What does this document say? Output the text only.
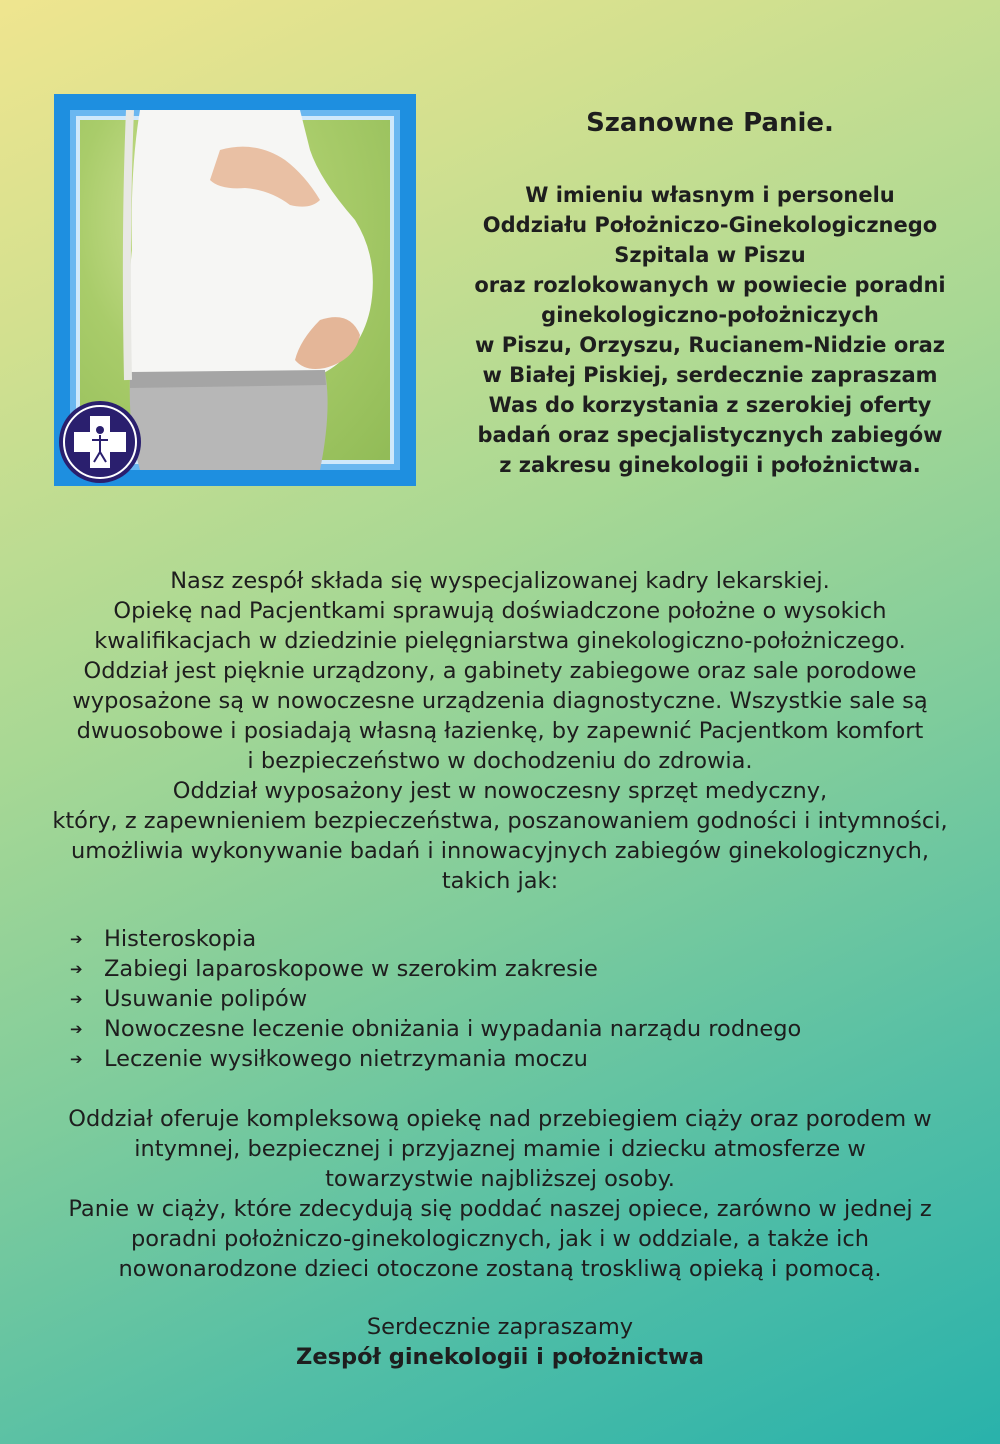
Szanowne Panie.
W imieniu własnym i personelu
Oddziału Położniczo-Ginekologicznego
Szpitala w Piszu
oraz rozlokowanych w powiecie poradni
ginekologiczno-położniczych
w Piszu, Orzyszu, Rucianem-Nidzie oraz
w Białej Piskiej, serdecznie zapraszam
Was do korzystania z szerokiej oferty
badań oraz specjalistycznych zabiegów
z zakresu ginekologii i położnictwa.
Nasz zespół składa się wyspecjalizowanej kadry lekarskiej.
Opiekę nad Pacjentkami sprawują doświadczone położne o wysokich
kwalifikacjach w dziedzinie pielęgniarstwa ginekologiczno-położniczego.
Oddział jest pięknie urządzony, a gabinety zabiegowe oraz sale porodowe
wyposażone są w nowoczesne urządzenia diagnostyczne. Wszystkie sale są
dwuosobowe i posiadają własną łazienkę, by zapewnić Pacjentkom komfort
i bezpieczeństwo w dochodzeniu do zdrowia.
Oddział wyposażony jest w nowoczesny sprzęt medyczny,
który, z zapewnieniem bezpieczeństwa, poszanowaniem godności i intymności,
umożliwia wykonywanie badań i innowacyjnych zabiegów ginekologicznych,
takich jak:
➔ Histeroskopia
➔ Zabiegi laparoskopowe w szerokim zakresie
➔ Usuwanie polipów
➔ Nowoczesne leczenie obniżania i wypadania narządu rodnego
➔ Leczenie wysiłkowego nietrzymania moczu
Oddział oferuje kompleksową opiekę nad przebiegiem ciąży oraz porodem w
intymnej, bezpiecznej i przyjaznej mamie i dziecku atmosferze w
towarzystwie najbliższej osoby.
Panie w ciąży, które zdecydują się poddać naszej opiece, zarówno w jednej z
poradni położniczo-ginekologicznych, jak i w oddziale, a także ich
nowonarodzone dzieci otoczone zostaną troskliwą opieką i pomocą.
Serdecznie zapraszamy
Zespół ginekologii i położnictwa
